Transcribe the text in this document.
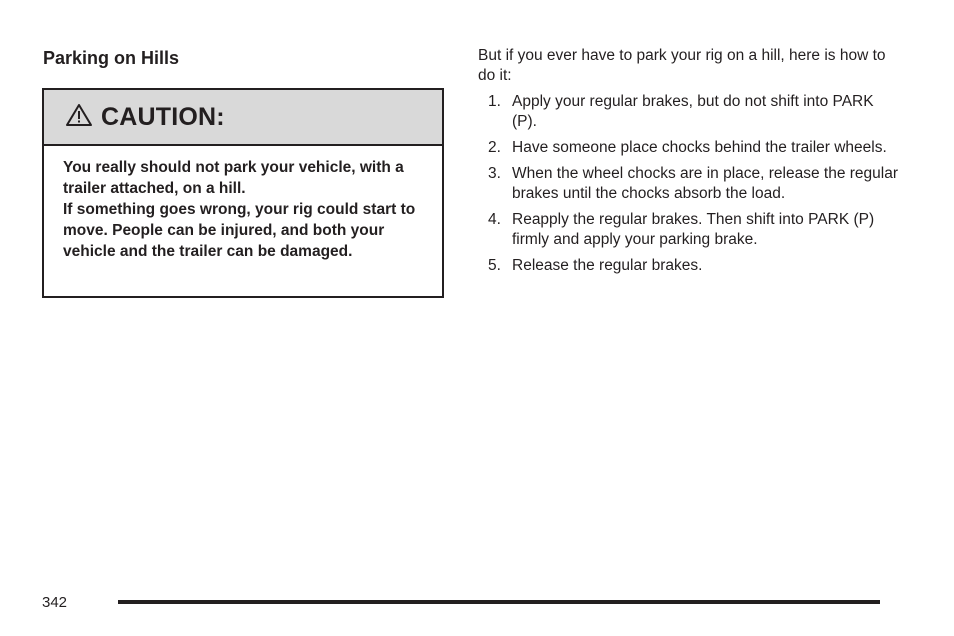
Parking on Hills
CAUTION:

You really should not park your vehicle, with a trailer attached, on a hill.

If something goes wrong, your rig could start to move. People can be injured, and both your vehicle and the trailer can be damaged.

But if you ever have to park your rig on a hill, here is how to do it:

1. Apply your regular brakes, but do not shift into PARK (P).
2. Have someone place chocks behind the trailer wheels.
3. When the wheel chocks are in place, release the regular brakes until the chocks absorb the load.
4. Reapply the regular brakes. Then shift into PARK (P) firmly and apply your parking brake.
5. Release the regular brakes.
342
